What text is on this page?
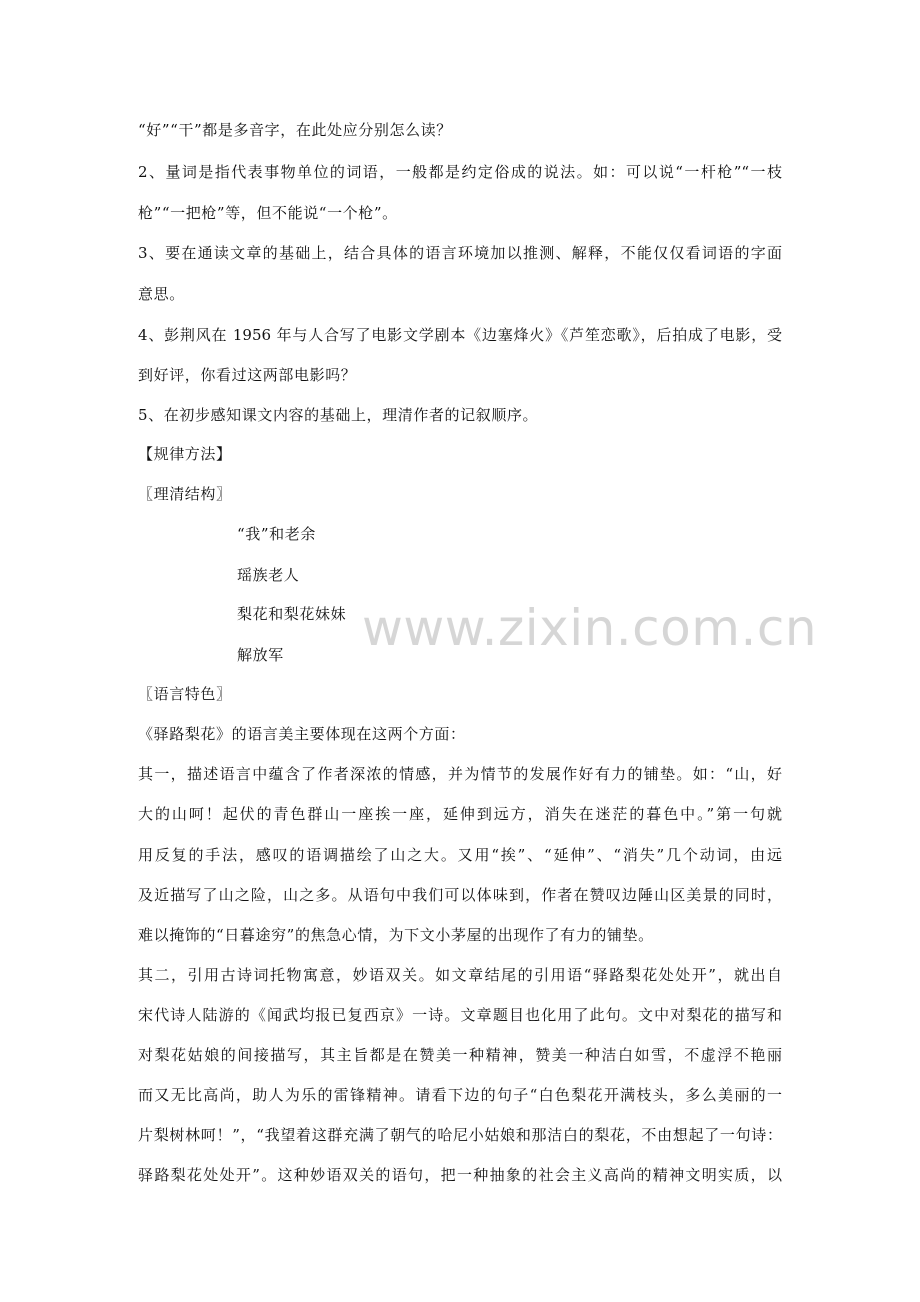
www.zixin.com.cn
“好”“干”都是多音字，在此处应分别怎么读？
2、量词是指代表事物单位的词语，一般都是约定俗成的说法。如：可以说“一杆枪”“一枝
枪”“一把枪”等，但不能说“一个枪”。
3、要在通读文章的基础上，结合具体的语言环境加以推测、解释，不能仅仅看词语的字面
意思。
4、彭荆风在 1956 年与人合写了电影文学剧本《边塞烽火》《芦笙恋歌》，后拍成了电影，受
到好评，你看过这两部电影吗？
5、在初步感知课文内容的基础上，理清作者的记叙顺序。
【规律方法】
〖理清结构〗
“我”和老余
瑶族老人
梨花和梨花妹妹
解放军
〖语言特色〗
《驿路梨花》的语言美主要体现在这两个方面：
其一，描述语言中蕴含了作者深浓的情感，并为情节的发展作好有力的铺垫。如：“山，好
大的山呵！起伏的青色群山一座挨一座，延伸到远方，消失在迷茫的暮色中。”第一句就
用反复的手法，感叹的语调描绘了山之大。又用“挨”、“延伸”、“消失”几个动词，由远
及近描写了山之险，山之多。从语句中我们可以体味到，作者在赞叹边陲山区美景的同时，
难以掩饰的“日暮途穷”的焦急心情，为下文小茅屋的出现作了有力的铺垫。
其二，引用古诗词托物寓意，妙语双关。如文章结尾的引用语“驿路梨花处处开”，就出自
宋代诗人陆游的《闻武均报已复西京》一诗。文章题目也化用了此句。文中对梨花的描写和
对梨花姑娘的间接描写，其主旨都是在赞美一种精神，赞美一种洁白如雪，不虚浮不艳丽
而又无比高尚，助人为乐的雷锋精神。请看下边的句子“白色梨花开满枝头，多么美丽的一
片梨树林呵！”，“我望着这群充满了朝气的哈尼小姑娘和那洁白的梨花，不由想起了一句诗：
驿路梨花处处开”。这种妙语双关的语句，把一种抽象的社会主义高尚的精神文明实质，以
